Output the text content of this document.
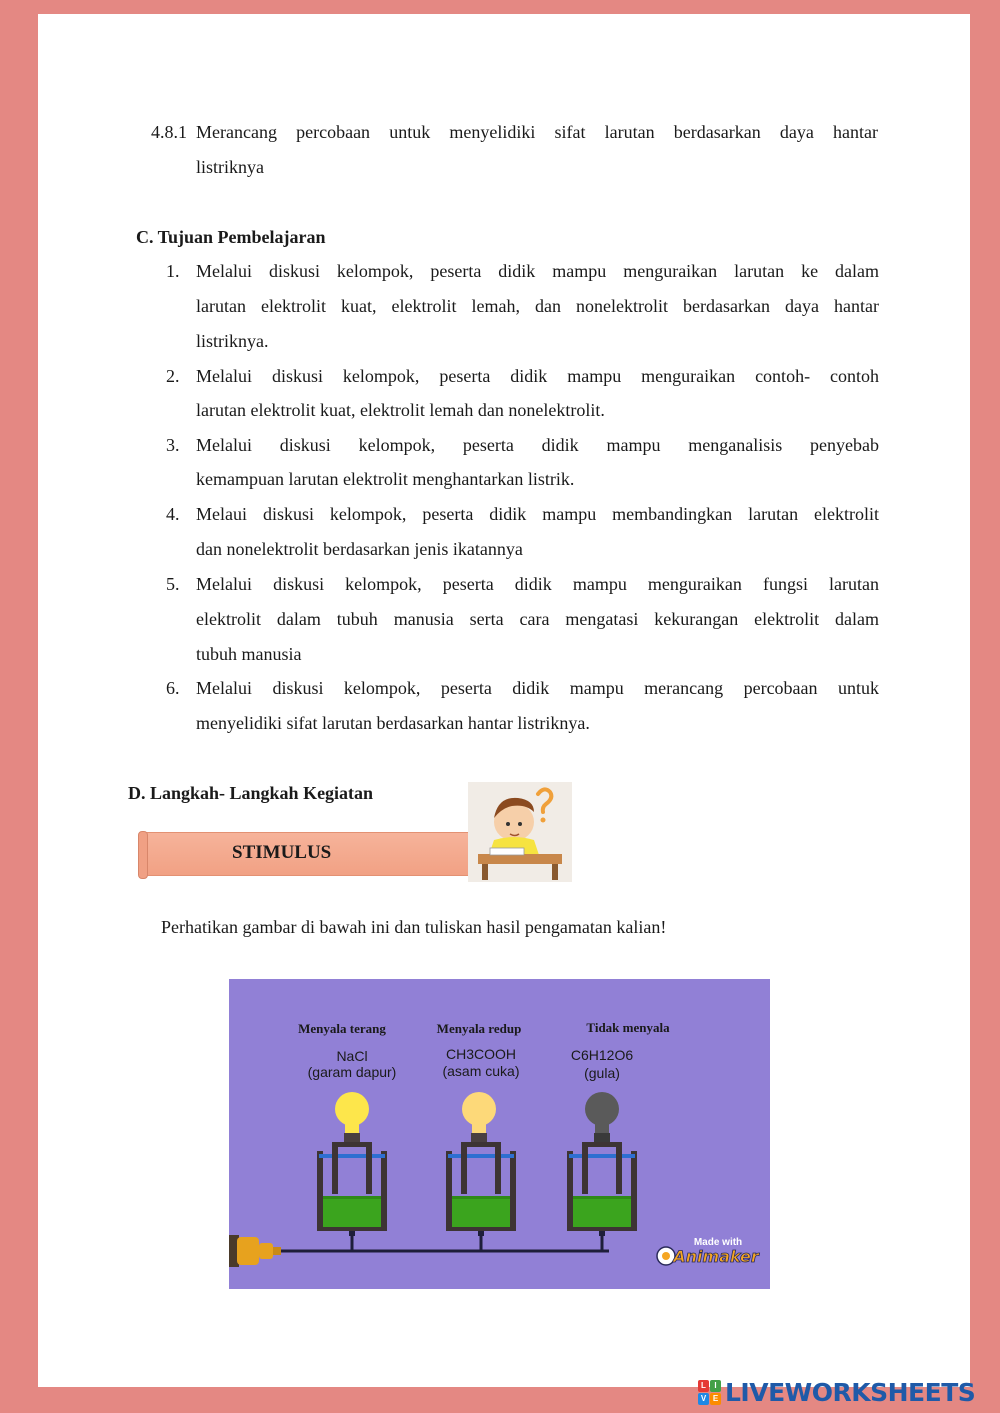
4.8.1 Merancang percobaan untuk menyelidiki sifat larutan berdasarkan daya hantar
listriknya
C. Tujuan Pembelajaran
1. Melalui diskusi kelompok, peserta didik mampu menguraikan larutan ke dalam
larutan elektrolit kuat, elektrolit lemah, dan nonelektrolit berdasarkan daya hantar
listriknya.
2. Melalui diskusi kelompok, peserta didik mampu menguraikan contoh- contoh
larutan elektrolit kuat, elektrolit lemah dan nonelektrolit.
3. Melalui diskusi kelompok, peserta didik mampu menganalisis penyebab
kemampuan larutan elektrolit menghantarkan listrik.
4. Melaui diskusi kelompok, peserta didik mampu membandingkan larutan elektrolit
dan nonelektrolit berdasarkan jenis ikatannya
5. Melalui diskusi kelompok, peserta didik mampu menguraikan fungsi larutan
elektrolit dalam tubuh manusia serta cara mengatasi kekurangan elektrolit dalam
tubuh manusia
6. Melalui diskusi kelompok, peserta didik mampu merancang percobaan untuk
menyelidiki sifat larutan berdasarkan hantar listriknya.
D. Langkah- Langkah Kegiatan
STIMULUS
Perhatikan gambar di bawah ini dan tuliskan hasil pengamatan kalian!
Menyala terang
NaCl
(garam dapur)
Menyala redup
CH3COOH
(asam cuka)
Tidak menyala
C6H12O6
(gula)
Made with
Animaker
L	I
V E LIVEWORKSHEETS
